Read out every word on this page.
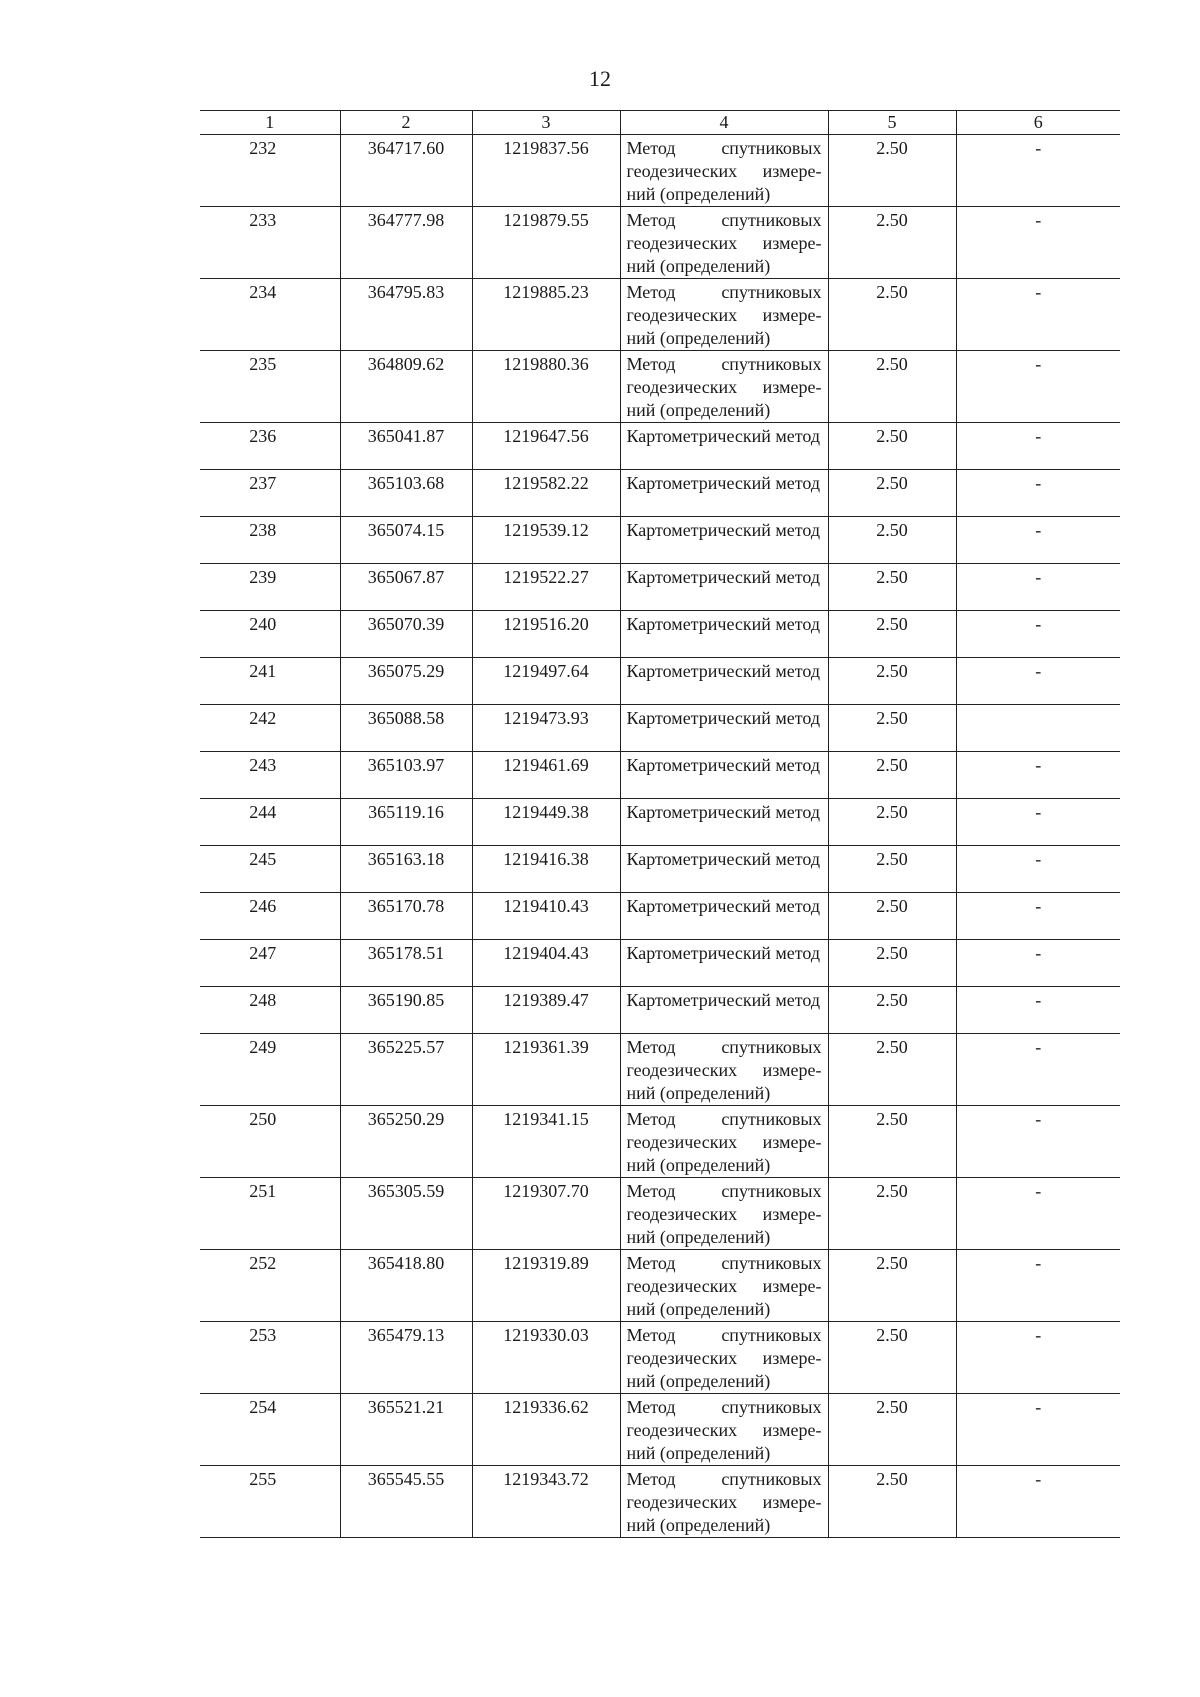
12
1	2	3	4	5	6
232	364717.60	1219837.56	Метод спутниковых геодезических измере-ний (определений)	2.50	-
233	364777.98	1219879.55	Метод спутниковых геодезических измере-ний (определений)	2.50	-
234	364795.83	1219885.23	Метод спутниковых геодезических измере-ний (определений)	2.50	-
235	364809.62	1219880.36	Метод спутниковых геодезических измере-ний (определений)	2.50	-
236	365041.87	1219647.56	Картометрический метод	2.50	-
237	365103.68	1219582.22	Картометрический метод	2.50	-
238	365074.15	1219539.12	Картометрический метод	2.50	-
239	365067.87	1219522.27	Картометрический метод	2.50	-
240	365070.39	1219516.20	Картометрический метод	2.50	-
241	365075.29	1219497.64	Картометрический метод	2.50	-
242	365088.58	1219473.93	Картометрический метод	2.50	
243	365103.97	1219461.69	Картометрический метод	2.50	-
244	365119.16	1219449.38	Картометрический метод	2.50	-
245	365163.18	1219416.38	Картометрический метод	2.50	-
246	365170.78	1219410.43	Картометрический метод	2.50	-
247	365178.51	1219404.43	Картометрический метод	2.50	-
248	365190.85	1219389.47	Картометрический метод	2.50	-
249	365225.57	1219361.39	Метод спутниковых геодезических измере-ний (определений)	2.50	-
250	365250.29	1219341.15	Метод спутниковых геодезических измере-ний (определений)	2.50	-
251	365305.59	1219307.70	Метод спутниковых геодезических измере-ний (определений)	2.50	-
252	365418.80	1219319.89	Метод спутниковых геодезических измере-ний (определений)	2.50	-
253	365479.13	1219330.03	Метод спутниковых геодезических измере-ний (определений)	2.50	-
254	365521.21	1219336.62	Метод спутниковых геодезических измере-ний (определений)	2.50	-
255	365545.55	1219343.72	Метод спутниковых геодезических измере-ний (определений)	2.50	-
